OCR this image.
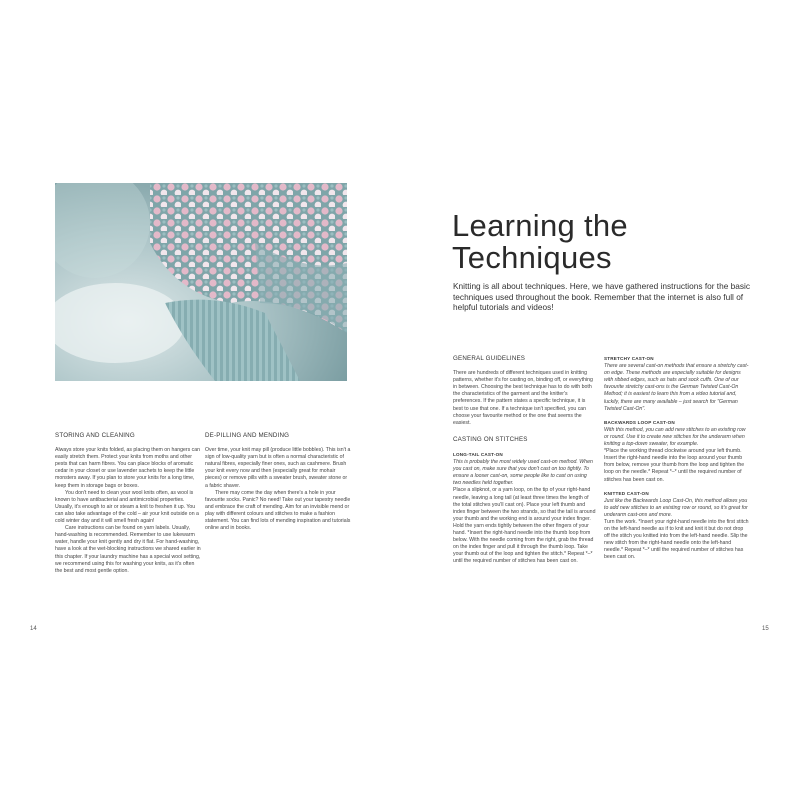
STORING AND CLEANING

Always store your knits folded, as placing them on hangers can easily stretch them. Protect your knits from moths and other pests that can harm fibres. You can place blocks of aromatic cedar in your closet or use lavender sachets to keep the little monsters away. If you plan to store your knits for a long time, keep them in storage bags or boxes.

You don't need to clean your wool knits often, as wool is known to have antibacterial and antimicrobial properties. Usually, it's enough to air or steam a knit to freshen it up. You can also take advantage of the cold – air your knit outside on a cold winter day and it will smell fresh again!

Care instructions can be found on yarn labels. Usually, hand-washing is recommended. Remember to use lukewarm water, handle your knit gently and dry it flat. For hand-washing, have a look at the wet-blocking instructions we shared earlier in this chapter. If your laundry machine has a special wool setting, we recommend using this for washing your knits, as it's often the best and most gentle option.

DE-PILLING AND MENDING

Over time, your knit may pill (produce little bobbles). This isn't a sign of low-quality yarn but is often a normal characteristic of natural fibres, especially finer ones, such as cashmere. Brush your knit every now and then (especially great for mohair pieces) or remove pills with a sweater brush, sweater stone or a fabric shaver.

There may come the day when there's a hole in your favourite socks. Panic? No need! Take out your tapestry needle and embrace the craft of mending. Aim for an invisible mend or play with different colours and stitches to make a fashion statement. You can find lots of mending inspiration and tutorials online and in books.

14
Learning the
Techniques
Knitting is all about techniques. Here, we have gathered instructions for the basic techniques used throughout the book. Remember that the internet is also full of helpful tutorials and videos!
GENERAL GUIDELINES

There are hundreds of different techniques used in knitting patterns, whether it's for casting on, binding off, or everything in between. Choosing the best technique has to do with both the characteristics of the garment and the knitter's preferences. If the pattern states a specific technique, it is best to use that one. If a technique isn't specified, you can choose your favourite method or the one that seems the easiest.

CASTING ON STITCHES
LONG-TAIL CAST-ON

This is probably the most widely used cast-on method. When you cast on, make sure that you don't cast on too tightly. To ensure a looser cast-on, some people like to cast on using two needles held together.

Place a slipknot, or a yarn loop, on the tip of your right-hand needle, leaving a long tail (at least three times the length of the total stitches you'll cast on). Place your left thumb and index finger between the two strands, so that the tail is around your thumb and the working end is around your index finger. Hold the yarn ends tightly between the other fingers of your hand. *Insert the right-hand needle into the thumb loop from below. With the needle coming from the right, grab the thread on the index finger and pull it through the thumb loop. Take your thumb out of the loop and tighten the stitch.* Repeat *–* until the required number of stitches has been cast on.

STRETCHY CAST-ON

There are several cast-on methods that ensure a stretchy cast-on edge. These methods are especially suitable for designs with ribbed edges, such as hats and sock cuffs. One of our favourite stretchy cast-ons is the German Twisted Cast-On Method; it is easiest to learn this from a video tutorial and, luckily, there are many available – just search for "German Twisted Cast-On".

BACKWARDS LOOP CAST-ON

With this method, you can add new stitches to an existing row or round. Use it to create new stitches for the underarm when knitting a top-down sweater, for example.

*Place the working thread clockwise around your left thumb. Insert the right-hand needle into the loop around your thumb from below, remove your thumb from the loop and tighten the loop on the needle.* Repeat *–* until the required number of stitches has been cast on.

KNITTED CAST-ON

Just like the Backwards Loop Cast-On, this method allows you to add new stitches to an existing row or round, so it's great for underarm cast-ons and more.

Turn the work. *Insert your right-hand needle into the first stitch on the left-hand needle as if to knit and knit it but do not drop off the stitch you knitted into from the left-hand needle. Slip the new stitch from the right-hand needle onto the left-hand needle.* Repeat *–* until the required number of stitches has been cast on.

15
